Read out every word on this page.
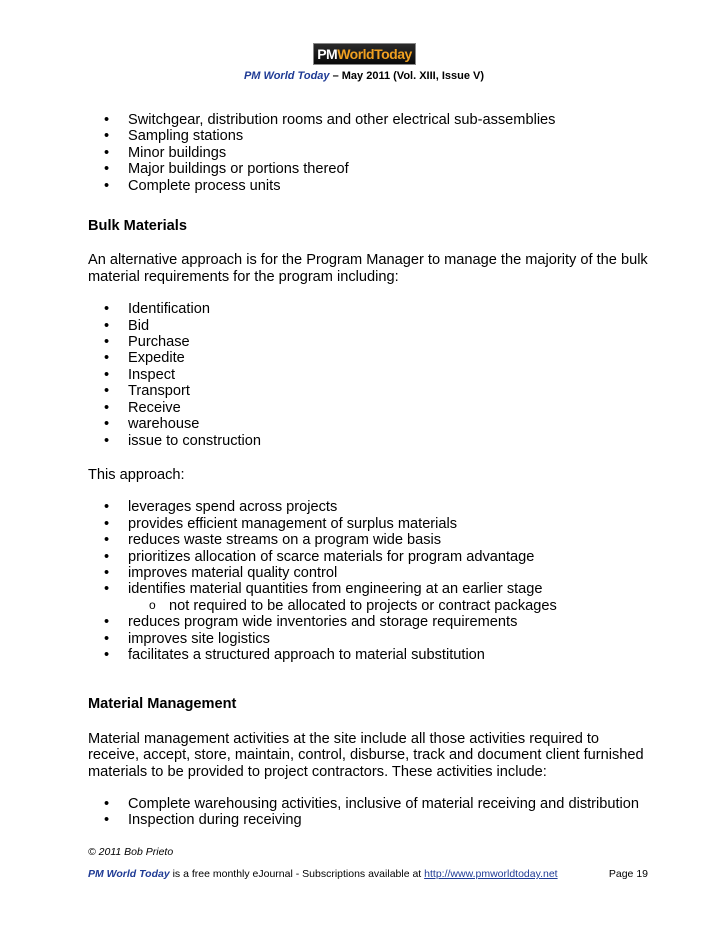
PM WorldToday
PM World Today – May 2011 (Vol. XIII, Issue V)
• Switchgear, distribution rooms and other electrical sub-assemblies
• Sampling stations
• Minor buildings
• Major buildings or portions thereof
• Complete process units

Bulk Materials

An alternative approach is for the Program Manager to manage the majority of the bulk material requirements for the program including:

• Identification
• Bid
• Purchase
• Expedite
• Inspect
• Transport
• Receive
• warehouse
• issue to construction

This approach:

• leverages spend across projects
• provides efficient management of surplus materials
• reduces waste streams on a program wide basis
• prioritizes allocation of scarce materials for program advantage
• improves material quality control
• identifies material quantities from engineering at an earlier stage
o not required to be allocated to projects or contract packages
• reduces program wide inventories and storage requirements
• improves site logistics
• facilitates a structured approach to material substitution

Material Management

Material management activities at the site include all those activities required to receive, accept, store, maintain, control, disburse, track and document client furnished materials to be provided to project contractors. These activities include:

• Complete warehousing activities, inclusive of material receiving and distribution
• Inspection during receiving
© 2011 Bob Prieto
PM World Today is a free monthly eJournal - Subscriptions available at http://www.pmworldtoday.net	Page 19
